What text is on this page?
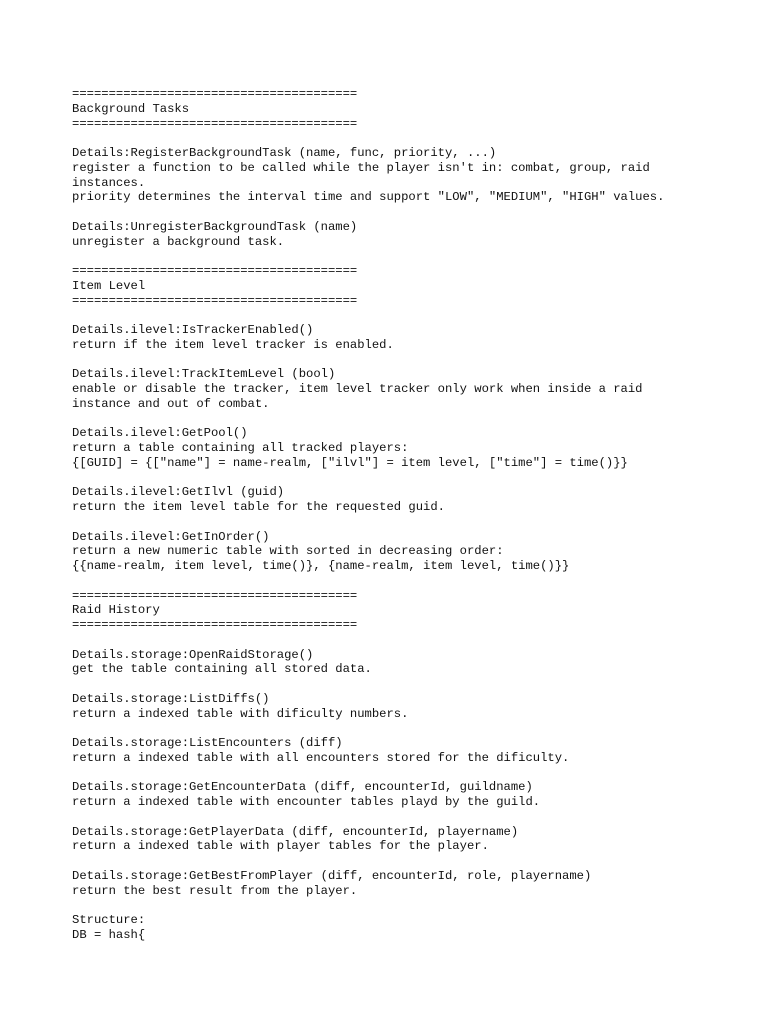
=======================================
Background Tasks
=======================================
Details:RegisterBackgroundTask (name, func, priority, ...)
register a function to be called while the player isn't in: combat, group, raid
instances.
priority determines the interval time and support "LOW", "MEDIUM", "HIGH" values.
Details:UnregisterBackgroundTask (name)
unregister a background task.
=======================================
Item Level
=======================================
Details.ilevel:IsTrackerEnabled()
return if the item level tracker is enabled.
Details.ilevel:TrackItemLevel (bool)
enable or disable the tracker, item level tracker only work when inside a raid
instance and out of combat.
Details.ilevel:GetPool()
return a table containing all tracked players:
{[GUID] = {["name"] = name-realm, ["ilvl"] = item level, ["time"] = time()}}
Details.ilevel:GetIlvl (guid)
return the item level table for the requested guid.
Details.ilevel:GetInOrder()
return a new numeric table with sorted in decreasing order:
{{name-realm, item level, time()}, {name-realm, item level, time()}}
=======================================
Raid History
=======================================
Details.storage:OpenRaidStorage()
get the table containing all stored data.
Details.storage:ListDiffs()
return a indexed table with dificulty numbers.
Details.storage:ListEncounters (diff)
return a indexed table with all encounters stored for the dificulty.
Details.storage:GetEncounterData (diff, encounterId, guildname)
return a indexed table with encounter tables playd by the guild.
Details.storage:GetPlayerData (diff, encounterId, playername)
return a indexed table with player tables for the player.
Details.storage:GetBestFromPlayer (diff, encounterId, role, playername)
return the best result from the player.
Structure:
DB = hash{
